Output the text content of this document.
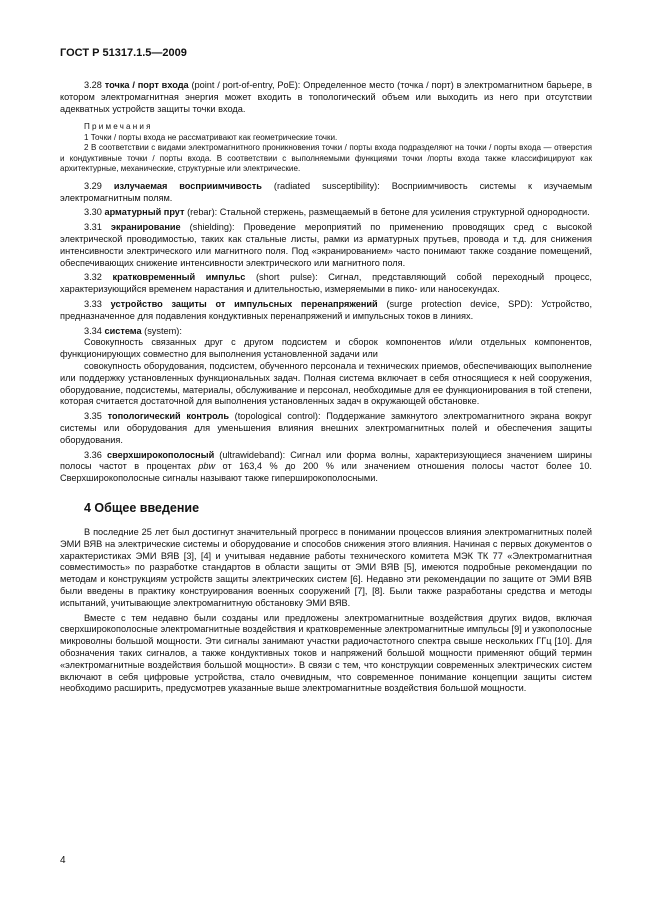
ГОСТ Р 51317.1.5—2009

3.28 точка / порт входа (point / port-of-entry, PoE): Определенное место (точка / порт) в электромагнитном барьере, в котором электромагнитная энергия может входить в топологический объем или выходить из него при отсутствии адекватных устройств защиты точки входа.

Примечания

1 Точки / порты входа не рассматривают как геометрические точки.

2 В соответствии с видами электромагнитного проникновения точки / порты входа подразделяют на точки / порты входа — отверстия и кондуктивные точки / порты входа. В соответствии с выполняемыми функциями точки /порты входа также классифицируют как архитектурные, механические, структурные или электрические.

3.29 излучаемая восприимчивость (radiated susceptibility): Восприимчивость системы к изучаемым электромагнитным полям.

3.30 арматурный прут (rebar): Стальной стержень, размещаемый в бетоне для усиления структурной однородности.

3.31 экранирование (shielding): Проведение мероприятий по применению проводящих сред с высокой электрической проводимостью, таких как стальные листы, рамки из арматурных прутьев, провода и т.д. для снижения интенсивности электрического или магнитного поля. Под «экранированием» часто понимают также создание помещений, обеспечивающих снижение интенсивности электрического или магнитного поля.

3.32 кратковременный импульс (short pulse): Сигнал, представляющий собой переходный процесс, характеризующийся временем нарастания и длительностью, измеряемыми в пико- или наносекундах.

3.33 устройство защиты от импульсных перенапряжений (surge protection device, SPD): Устройство, предназначенное для подавления кондуктивных перенапряжений и импульсных токов в линиях.

3.34 система (system):

Совокупность связанных друг с другом подсистем и сборок компонентов и/или отдельных компонентов, функционирующих совместно для выполнения установленной задачи или

совокупность оборудования, подсистем, обученного персонала и технических приемов, обеспечивающих выполнение или поддержку установленных функциональных задач. Полная система включает в себя относящиеся к ней сооружения, оборудование, подсистемы, материалы, обслуживание и персонал, необходимые для ее функционирования в той степени, которая считается достаточной для выполнения установленных задач в окружающей обстановке.

3.35 топологический контроль (topological control): Поддержание замкнутого электромагнитного экрана вокруг системы или оборудования для уменьшения влияния внешних электромагнитных полей и обеспечения защиты оборудования.

3.36 сверхширокополосный (ultrawideband): Сигнал или форма волны, характеризующиеся значением ширины полосы частот в процентах pbw от 163,4 % до 200 % или значением отношения полосы частот более 10. Сверхширокополосные сигналы называют также гиперширокополосными.

4 Общее введение

В последние 25 лет был достигнут значительный прогресс в понимании процессов влияния электромагнитных полей ЭМИ ВЯВ на электрические системы и оборудование и способов снижения этого влияния. Начиная с первых документов о характеристиках ЭМИ ВЯВ [3], [4] и учитывая недавние работы технического комитета МЭК ТК 77 «Электромагнитная совместимость» по разработке стандартов в области защиты от ЭМИ ВЯВ [5], имеются подробные рекомендации по методам и конструкциям устройств защиты электрических систем [6]. Недавно эти рекомендации по защите от ЭМИ ВЯВ были введены в практику конструирования военных сооружений [7], [8]. Были также разработаны средства и методы испытаний, учитывающие электромагнитную обстановку ЭМИ ВЯВ.

Вместе с тем недавно были созданы или предложены электромагнитные воздействия других видов, включая сверхширокополосные электромагнитные воздействия и кратковременные электромагнитные импульсы [9] и узкополосные микроволны большой мощности. Эти сигналы занимают участки радиочастотного спектра свыше нескольких ГГц [10]. Для обозначения таких сигналов, а также кондуктивных токов и напряжений большой мощности применяют общий термин «электромагнитные воздействия большой мощности». В связи с тем, что конструкции современных электрических систем включают в себя цифровые устройства, стало очевидным, что современное понимание концепции защиты систем необходимо расширить, предусмотрев указанные выше электромагнитные воздействия большой мощности.

4
